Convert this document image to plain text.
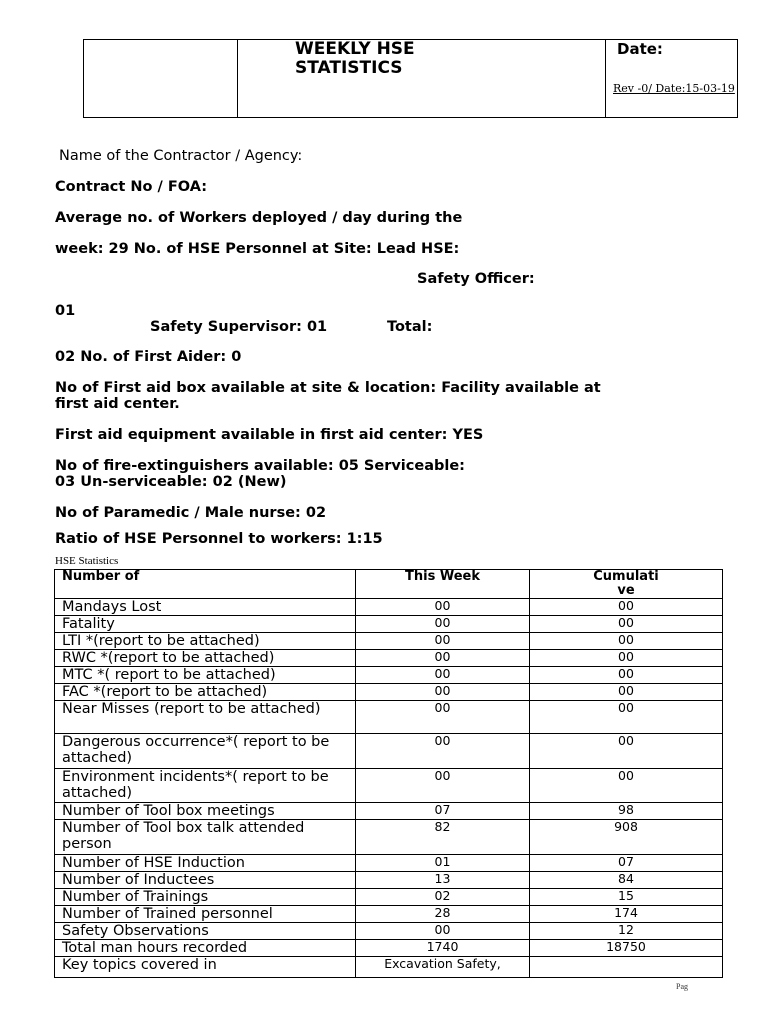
WEEKLY HSE
STATISTICS
Date:
Rev -0/ Date:15-03-19
Name of the Contractor / Agency:
Contract No / FOA:
Average no. of Workers deployed / day during the
week: 29 No. of HSE Personnel at Site: Lead HSE:
Safety Officer:
01
Safety Supervisor: 01	Total:
02 No. of First Aider: 0
No of First aid box available at site & location: Facility available at
first aid center.
First aid equipment available in first aid center: YES
No of fire-extinguishers available: 05 Serviceable:
03 Un-serviceable: 02 (New)
No of Paramedic / Male nurse: 02
Ratio of HSE Personnel to workers: 1:15
HSE Statistics
Number of	This Week	Cumulati
ve

Mandays Lost	00	00
Fatality	00	00
LTI *(report to be attached)	00	00
RWC *(report to be attached)	00	00
MTC *( report to be attached)	00	00
FAC *(report to be attached)	00	00
Near Misses (report to be attached)	00	00
Dangerous occurrence*( report to be attached)	00	00
Environment incidents*( report to be attached)	00	00
Number of Tool box meetings	07	98
Number of Tool box talk attended person	82	908
Number of HSE Induction	01	07
Number of Inductees	13	84
Number of Trainings	02	15
Number of Trained personnel	28	174
Safety Observations	00	12
Total man hours recorded	1740	18750
Key topics covered in	Excavation Safety,	
Pag
